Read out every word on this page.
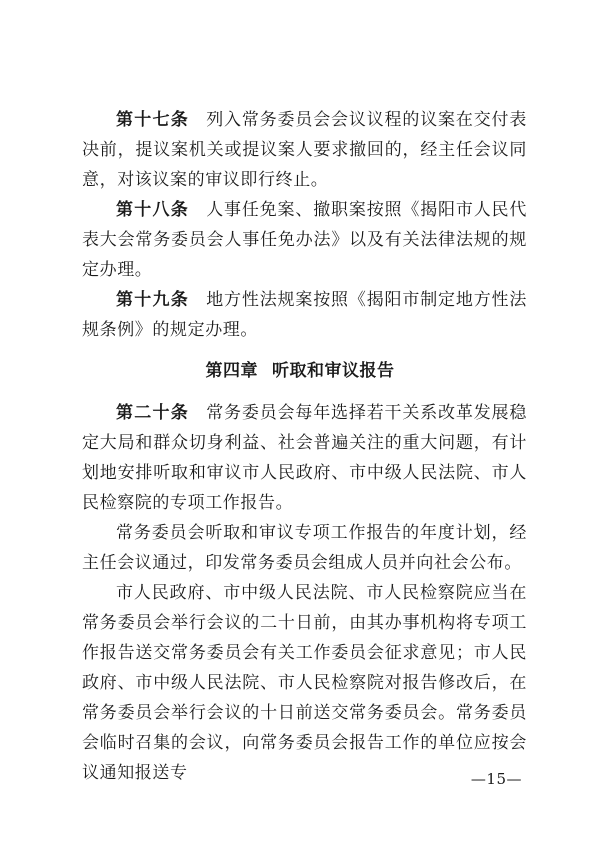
第十七条 列入常务委员会会议议程的议案在交付表决前，提议案机关或提议案人要求撤回的，经主任会议同意，对该议案的审议即行终止。

第十八条 人事任免案、撤职案按照《揭阳市人民代表大会常务委员会人事任免办法》以及有关法律法规的规定办理。

第十九条 地方性法规案按照《揭阳市制定地方性法规条例》的规定办理。

第四章 听取和审议报告

第二十条 常务委员会每年选择若干关系改革发展稳定大局和群众切身利益、社会普遍关注的重大问题，有计划地安排听取和审议市人民政府、市中级人民法院、市人民检察院的专项工作报告。

常务委员会听取和审议专项工作报告的年度计划，经主任会议通过，印发常务委员会组成人员并向社会公布。

市人民政府、市中级人民法院、市人民检察院应当在常务委员会举行会议的二十日前，由其办事机构将专项工作报告送交常务委员会有关工作委员会征求意见；市人民政府、市中级人民法院、市人民检察院对报告修改后，在常务委员会举行会议的十日前送交常务委员会。常务委员会临时召集的会议，向常务委员会报告工作的单位应按会议通知报送专	—15—
